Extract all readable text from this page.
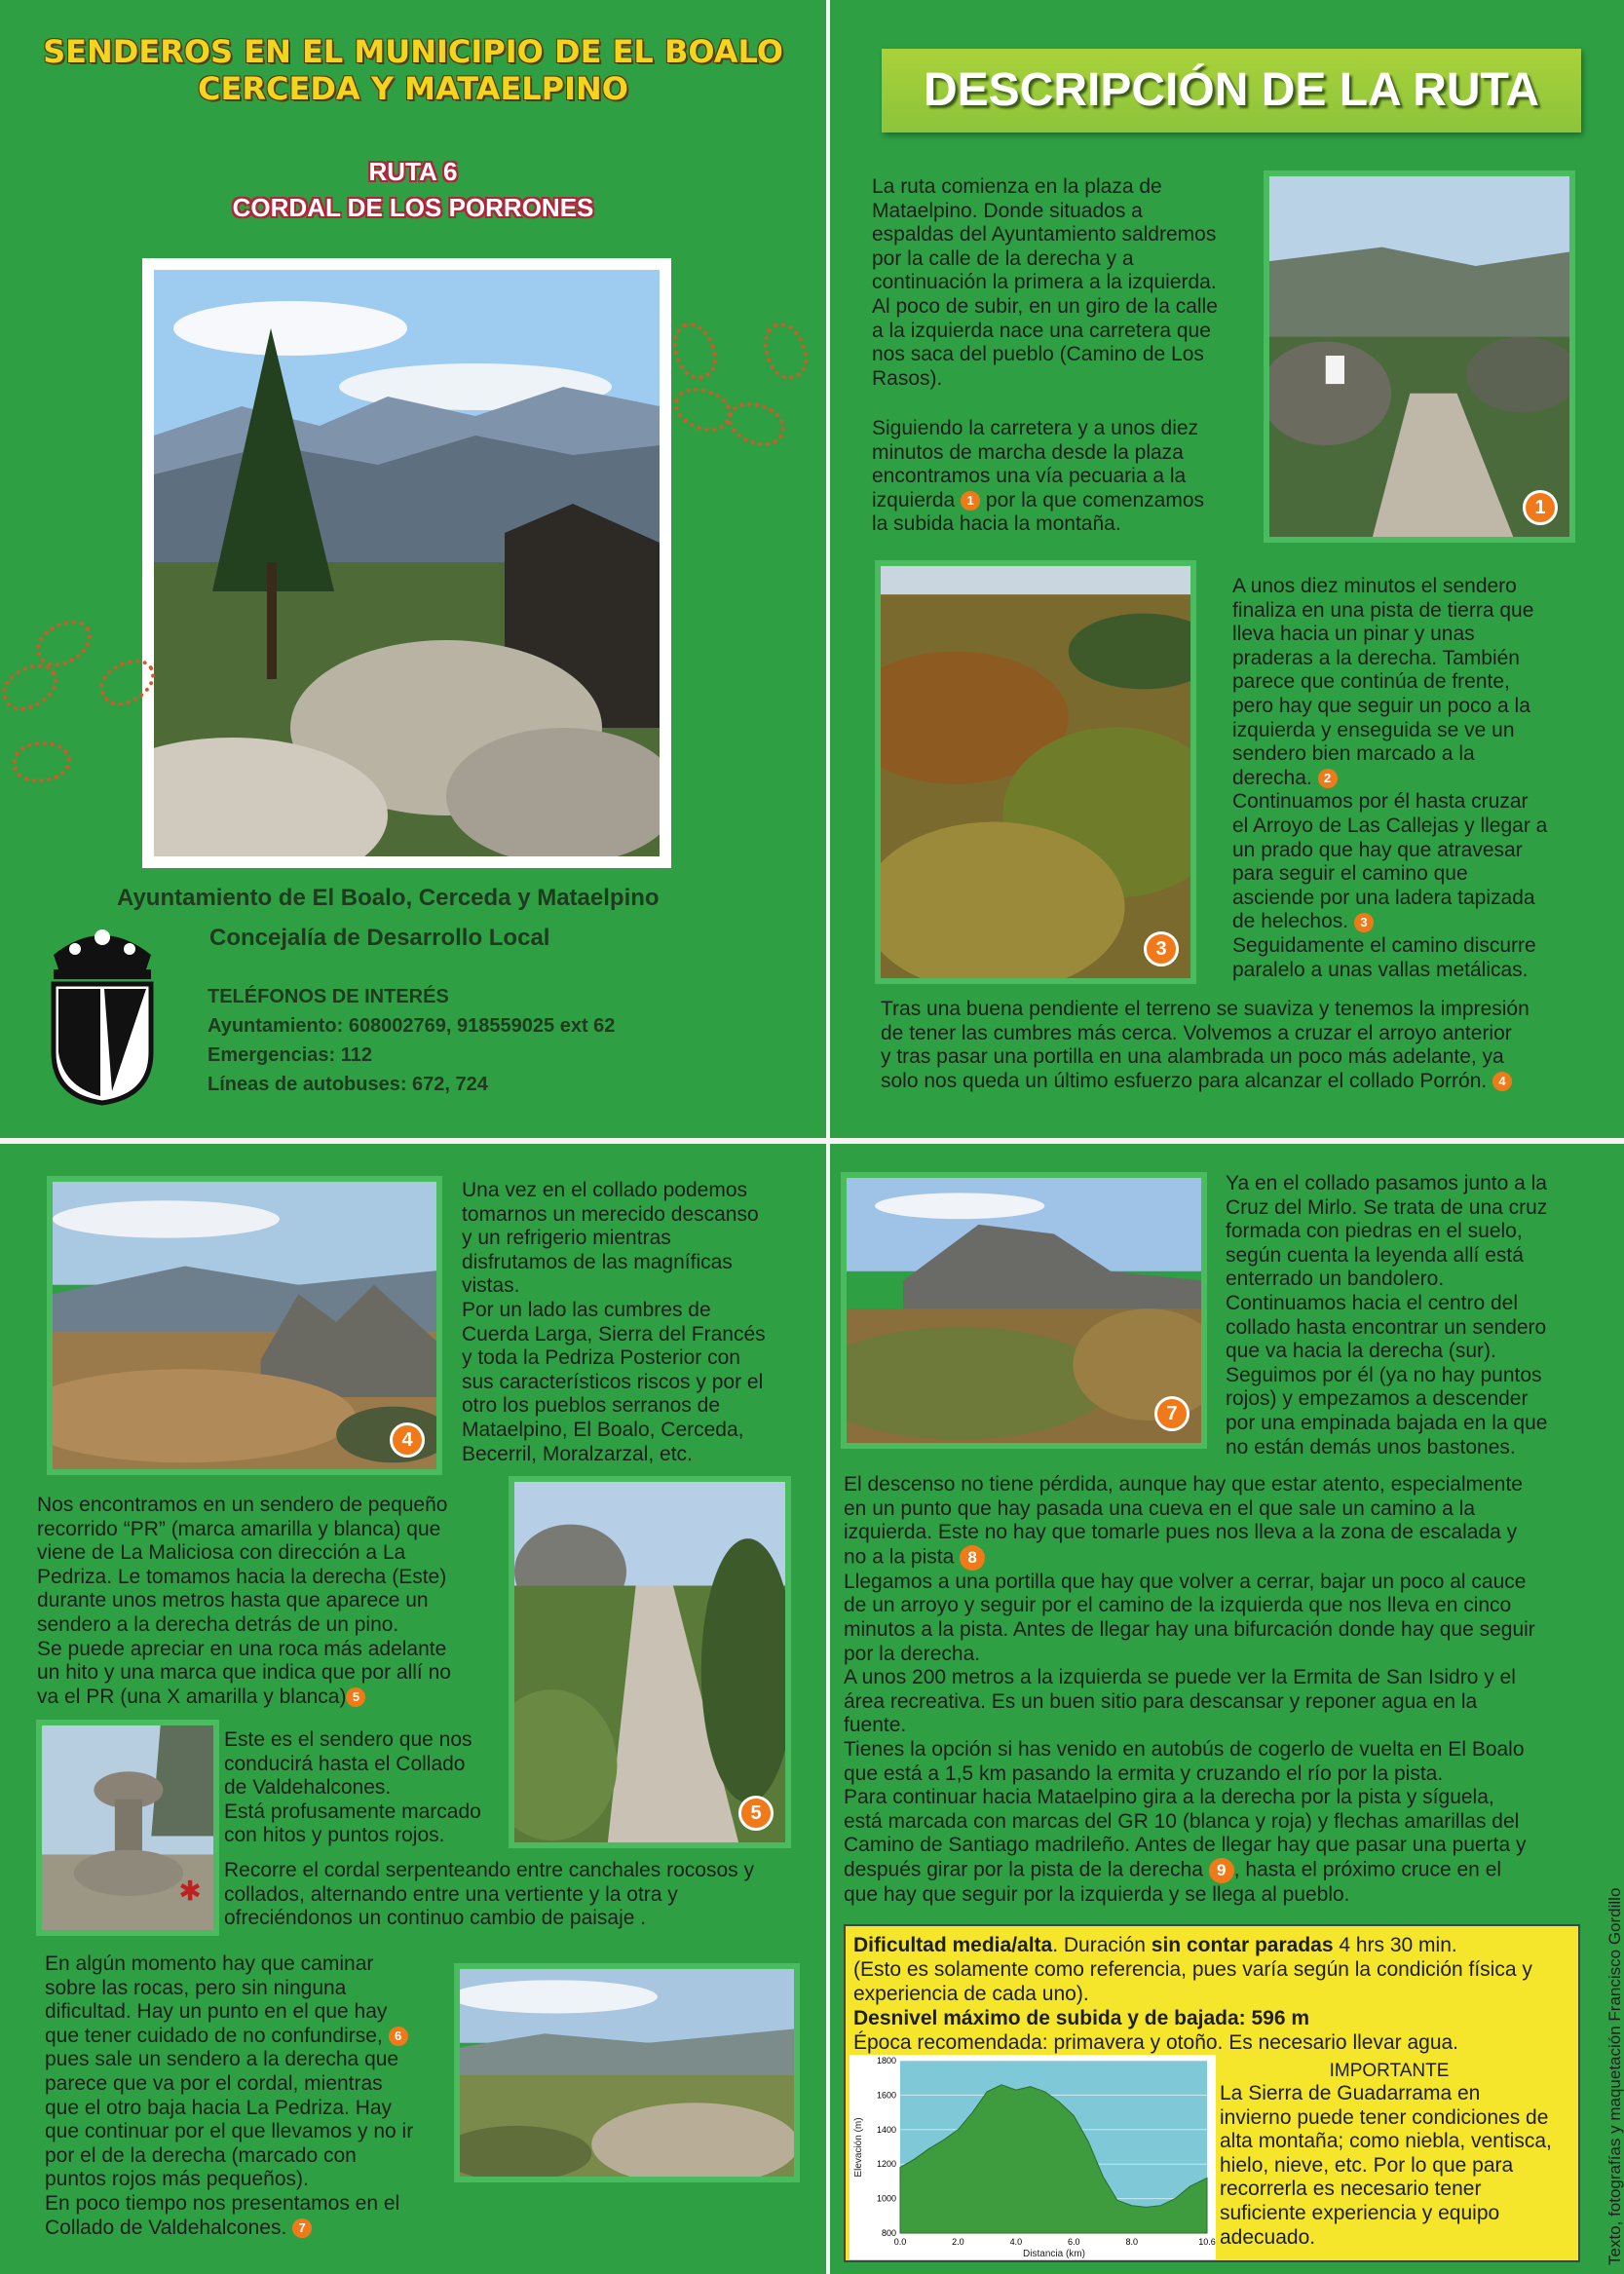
SENDEROS EN EL MUNICIPIO DE EL BOALO
CERCEDA Y MATAELPINO
RUTA 6
CORDAL DE LOS PORRONES
Ayuntamiento de El Boalo, Cerceda y Mataelpino
Concejalía de Desarrollo Local
TELÉFONOS DE INTERÉS
Ayuntamiento: 608002769, 918559025 ext 62
Emergencias: 112
Líneas de autobuses: 672, 724
DESCRIPCIÓN DE LA RUTA
La ruta comienza en la plaza de
Mataelpino. Donde situados a
espaldas del Ayuntamiento saldremos
por la calle de la derecha y a
continuación la primera a la izquierda.
Al poco de subir, en un giro de la calle
a la izquierda nace una carretera que
nos saca del pueblo (Camino de Los
Rasos).
Siguiendo la carretera y a unos diez
minutos de marcha desde la plaza
encontramos una vía pecuaria a la
izquierda 1 por la que comenzamos
la subida hacia la montaña.
1
3
A unos diez minutos el sendero
finaliza en una pista de tierra que
lleva hacia un pinar y unas
praderas a la derecha. También
parece que continúa de frente,
pero hay que seguir un poco a la
izquierda y enseguida se ve un
sendero bien marcado a la
derecha. 2
Continuamos por él hasta cruzar
el Arroyo de Las Callejas y llegar a
un prado que hay que atravesar
para seguir el camino que
asciende por una ladera tapizada
de helechos. 3
Seguidamente el camino discurre
paralelo a unas vallas metálicas.
Tras una buena pendiente el terreno se suaviza y tenemos la impresión
de tener las cumbres más cerca. Volvemos a cruzar el arroyo anterior
y tras pasar una portilla en una alambrada un poco más adelante, ya
solo nos queda un último esfuerzo para alcanzar el collado Porrón. 4
4
Una vez en el collado podemos
tomarnos un merecido descanso
y un refrigerio mientras
disfrutamos de las magníficas
vistas.
Por un lado las cumbres de
Cuerda Larga, Sierra del Francés
y toda la Pedriza Posterior con
sus característicos riscos y por el
otro los pueblos serranos de
Mataelpino, El Boalo, Cerceda,
Becerril, Moralzarzal, etc.
Nos encontramos en un sendero de pequeño
recorrido “PR” (marca amarilla y blanca) que
viene de La Maliciosa con dirección a La
Pedriza. Le tomamos hacia la derecha (Este)
durante unos metros hasta que aparece un
sendero a la derecha detrás de un pino.
Se puede apreciar en una roca más adelante
un hito y una marca que indica que por allí no
va el PR (una X amarilla y blanca) 5
5
✱
Este es el sendero que nos
conducirá hasta el Collado
de Valdehalcones.
Está profusamente marcado
con hitos y puntos rojos.
Recorre el cordal serpenteando entre canchales rocosos y
collados, alternando entre una vertiente y la otra y
ofreciéndonos un continuo cambio de paisaje .
En algún momento hay que caminar
sobre las rocas, pero sin ninguna
dificultad. Hay un punto en el que hay
que tener cuidado de no confundirse, 6
pues sale un sendero a la derecha que
parece que va por el cordal, mientras
que el otro baja hacia La Pedriza. Hay
que continuar por el que llevamos y no ir
por el de la derecha (marcado con
puntos rojos más pequeños).
En poco tiempo nos presentamos en el
Collado de Valdehalcones. 7
7
Ya en el collado pasamos junto a la
Cruz del Mirlo. Se trata de una cruz
formada con piedras en el suelo,
según cuenta la leyenda allí está
enterrado un bandolero.
Continuamos hacia el centro del
collado hasta encontrar un sendero
que va hacia la derecha (sur).
Seguimos por él (ya no hay puntos
rojos) y empezamos a descender
por una empinada bajada en la que
no están demás unos bastones.
El descenso no tiene pérdida, aunque hay que estar atento, especialmente
en un punto que hay pasada una cueva en el que sale un camino a la
izquierda. Este no hay que tomarle pues nos lleva a la zona de escalada y
no a la pista 8
Llegamos a una portilla que hay que volver a cerrar, bajar un poco al cauce
de un arroyo y seguir por el camino de la izquierda que nos lleva en cinco
minutos a la pista. Antes de llegar hay una bifurcación donde hay que seguir
por la derecha.
A unos 200 metros a la izquierda se puede ver la Ermita de San Isidro y el
área recreativa. Es un buen sitio para descansar y reponer agua en la
fuente.
Tienes la opción si has venido en autobús de cogerlo de vuelta en El Boalo
que está a 1,5 km pasando la ermita y cruzando el río por la pista.
Para continuar hacia Mataelpino gira a la derecha por la pista y síguela,
está marcada con marcas del GR 10 (blanca y roja) y flechas amarillas del
Camino de Santiago madrileño. Antes de llegar hay que pasar una puerta y
después girar por la pista de la derecha 9 , hasta el próximo cruce en el
que hay que seguir por la izquierda y se llega al pueblo.
Dificultad media/alta. Duración sin contar paradas 4 hrs 30 min.
(Esto es solamente como referencia, pues varía según la condición física y
experiencia de cada uno).
Desnivel máximo de subida y de bajada: 596 m
Época recomendada: primavera y otoño. Es necesario llevar agua.
800
1000
1200
1400
1600
1800
0.0	2.0	4.0	6.0	8.0	10.6
Elevación (m)
Distancia (km)
IMPORTANTE
La Sierra de Guadarrama en
invierno puede tener condiciones de
alta montaña; como niebla, ventisca,
hielo, nieve, etc. Por lo que para
recorrerla es necesario tener
suficiente experiencia y equipo
adecuado.	Texto, fotografías y maquetación Francisco Gordillo
